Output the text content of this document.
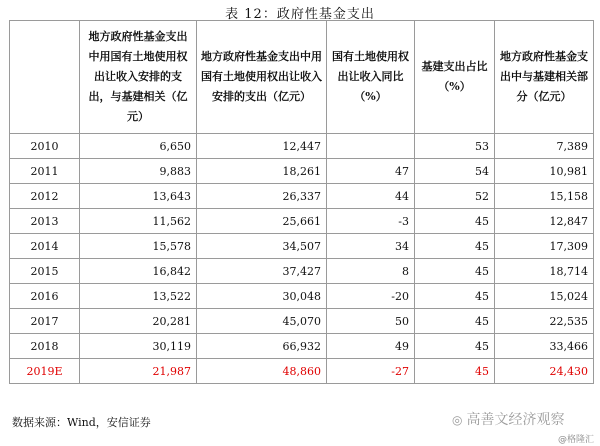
表 12：政府性基金支出
	地方政府性基金支出中用国有土地使用权出让收入安排的支出，与基建相关（亿元）	地方政府性基金支出中用国有土地使用权出让收入安排的支出（亿元）	国有土地使用权出让收入同比（%）	基建支出占比（%）	地方政府性基金支出中与基建相关部分（亿元）
2010	6,650	12,447		53	7,389
2011	9,883	18,261	47	54	10,981
2012	13,643	26,337	44	52	15,158
2013	11,562	25,661	-3	45	12,847
2014	15,578	34,507	34	45	17,309
2015	16,842	37,427	8	45	18,714
2016	13,522	30,048	-20	45	15,024
2017	20,281	45,070	50	45	22,535
2018	30,119	66,932	49	45	33,466
2019E	21,987	48,860	-27	45	24,430
数据来源：Wind，安信证券	◎ 高善文经济观察
@格隆汇
